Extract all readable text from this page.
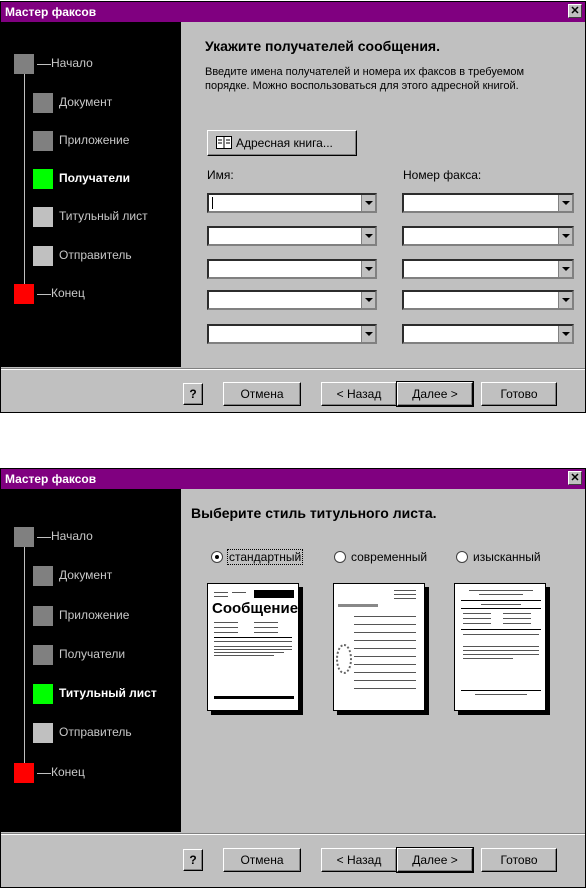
Мастер факсов	✕
Начало
Документ
Приложение
Получатели
Титульный лист
Отправитель
Конец
Укажите получателей сообщения.
Введите имена получателей и номера их факсов в требуемом
порядке. Можно воспользоваться для этого адресной книгой.
Адресная книга...
Имя:	Номер факса:
?	Отмена	< Назад	Далее >	Готово
Мастер факсов	✕
Начало
Документ
Приложение
Получатели
Титульный лист
Отправитель
Конец
Выберите стиль титульного листа.
стандартный	современный	изысканный
Сообщение
?	Отмена	< Назад	Далее >	Готово
